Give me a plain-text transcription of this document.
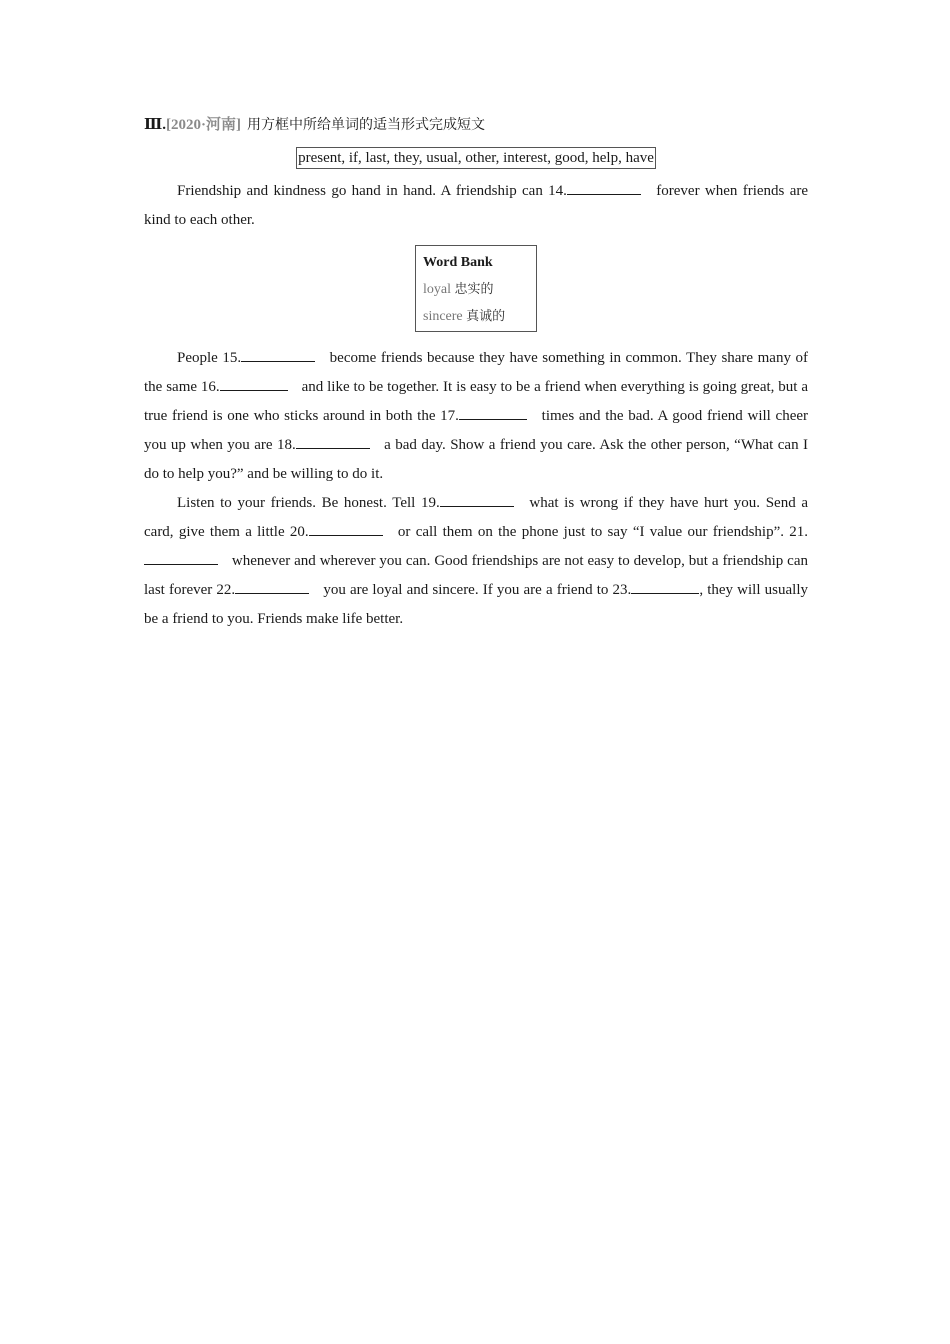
Ⅲ.[2020·河南] 用方框中所给单词的适当形式完成短文
present, if, last, they, usual, other, interest, good, help, have

Friendship and kindness go hand in hand. A friendship can 14.	forever when friends are kind to each other.

Word Bank
loyal 忠实的
sincere 真诚的

People 15.	become friends because they have something in common. They share many of the same 16.	and like to be together. It is easy to be a friend when everything is going great, but a true friend is one who sticks around in both the 17.	times and the bad. A good friend will cheer you up when you are 18.	a bad day. Show a friend you care. Ask the other person, “What can I do to help you?” and be willing to do it.

Listen to your friends. Be honest. Tell 19.	what is wrong if they have hurt you. Send a card, give them a little 20.	or call them on the phone just to say “I value our friendship”. 21. whenever and wherever you can. Good friendships are not easy to develop, but a friendship can last forever 22.	you are loyal and sincere. If you are a friend to 23.	, they will usually be a friend to you. Friends make life better.
